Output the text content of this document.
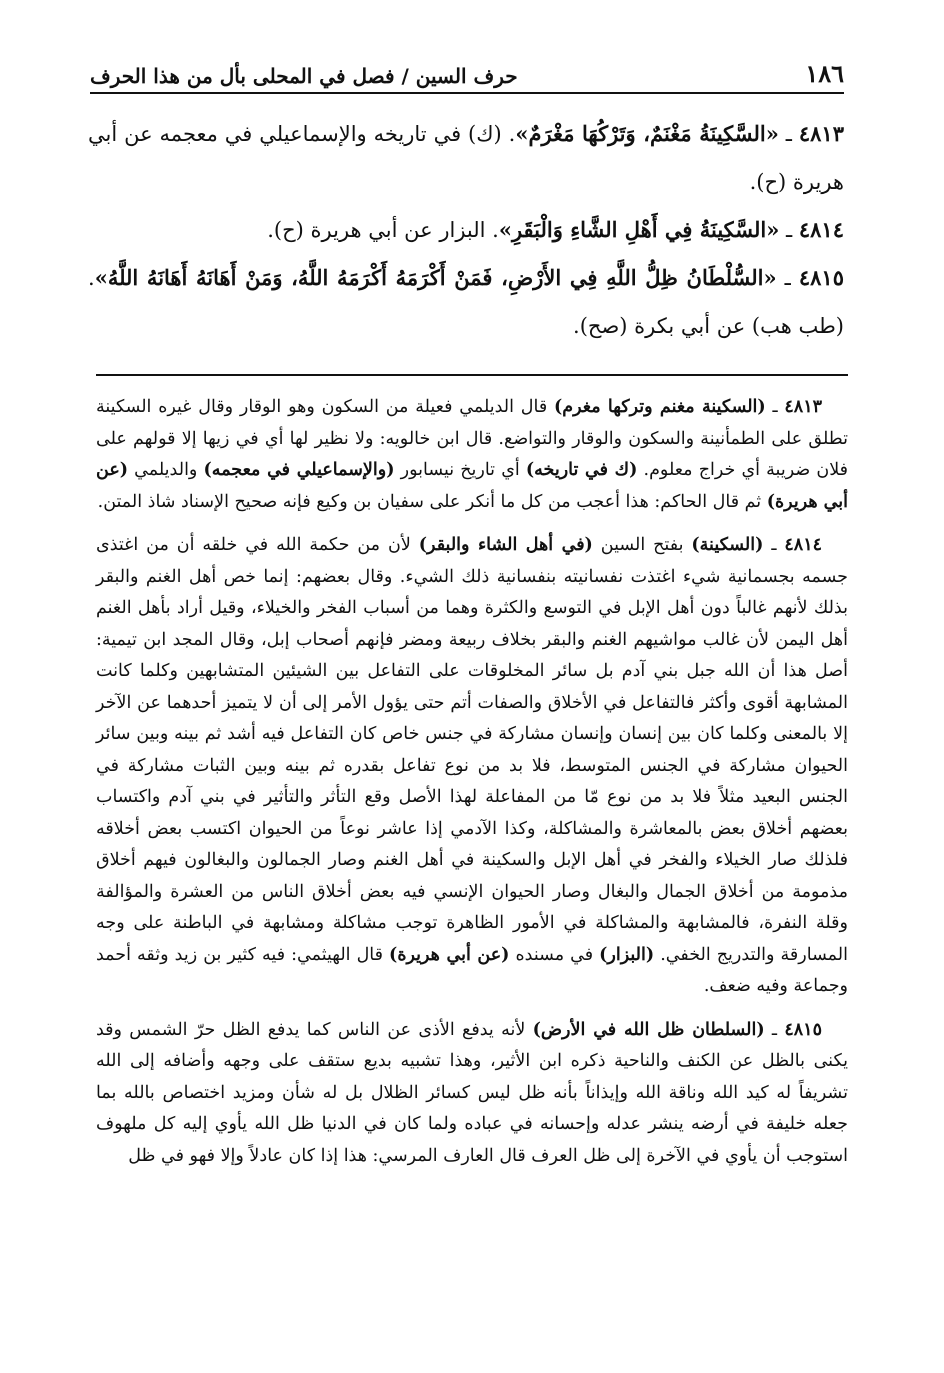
١٨٦
حرف السين / فصل في المحلى بأل من هذا الحرف

٤٨١٣ ـ «السَّكِينَةُ مَغْنَمٌ، وَتَرْكُهَا مَغْرَمٌ». (ك) في تاريخه والإسماعيلي في معجمه عن أبي هريرة (ح).

٤٨١٤ ـ «السَّكِينَةُ فِي أَهْلِ الشَّاءِ وَالْبَقَرِ». البزار عن أبي هريرة (ح).

٤٨١٥ ـ «السُّلْطَانُ ظِلُّ اللَّهِ فِي الأَرْضِ، فَمَنْ أَكْرَمَهُ أَكْرَمَهُ اللَّهُ، وَمَنْ أَهَانَهُ أَهَانَهُ اللَّهُ». (طب هب) عن أبي بكرة (صح).

٤٨١٣ ـ (السكينة مغنم وتركها مغرم) قال الديلمي فعيلة من السكون وهو الوقار وقال غيره السكينة تطلق على الطمأنينة والسكون والوقار والتواضع. قال ابن خالويه: ولا نظير لها أي في زيها إلا قولهم على فلان ضريبة أي خراج معلوم. (ك في تاريخه) أي تاريخ نيسابور (والإسماعيلي في معجمه) والديلمي (عن أبي هريرة) ثم قال الحاكم: هذا أعجب من كل ما أنكر على سفيان بن وكيع فإنه صحيح الإسناد شاذ المتن.

٤٨١٤ ـ (السكينة) بفتح السين (في أهل الشاء والبقر) لأن من حكمة الله في خلقه أن من اغتذى جسمه بجسمانية شيء اغتذت نفسانيته بنفسانية ذلك الشيء. وقال بعضهم: إنما خص أهل الغنم والبقر بذلك لأنهم غالباً دون أهل الإبل في التوسع والكثرة وهما من أسباب الفخر والخيلاء، وقيل أراد بأهل الغنم أهل اليمن لأن غالب مواشيهم الغنم والبقر بخلاف ربيعة ومضر فإنهم أصحاب إبل، وقال المجد ابن تيمية: أصل هذا أن الله جبل بني آدم بل سائر المخلوقات على التفاعل بين الشيئين المتشابهين وكلما كانت المشابهة أقوى وأكثر فالتفاعل في الأخلاق والصفات أتم حتى يؤول الأمر إلى أن لا يتميز أحدهما عن الآخر إلا بالمعنى وكلما كان بين إنسان وإنسان مشاركة في جنس خاص كان التفاعل فيه أشد ثم بينه وبين سائر الحيوان مشاركة في الجنس المتوسط، فلا بد من نوع تفاعل بقدره ثم بينه وبين الثبات مشاركة في الجنس البعيد مثلاً فلا بد من نوع مّا من المفاعلة لهذا الأصل وقع التأثر والتأثير في بني آدم واكتساب بعضهم أخلاق بعض بالمعاشرة والمشاكلة، وكذا الآدمي إذا عاشر نوعاً من الحيوان اكتسب بعض أخلاقه فلذلك صار الخيلاء والفخر في أهل الإبل والسكينة في أهل الغنم وصار الجمالون والبغالون فيهم أخلاق مذمومة من أخلاق الجمال والبغال وصار الحيوان الإنسي فيه بعض أخلاق الناس من العشرة والمؤالفة وقلة النفرة، فالمشابهة والمشاكلة في الأمور الظاهرة توجب مشاكلة ومشابهة في الباطنة على وجه المسارقة والتدريج الخفي. (البزار) في مسنده (عن أبي هريرة) قال الهيثمي: فيه كثير بن زيد وثقه أحمد وجماعة وفيه ضعف.

٤٨١٥ ـ (السلطان ظل الله في الأرض) لأنه يدفع الأذى عن الناس كما يدفع الظل حرّ الشمس وقد يكنى بالظل عن الكنف والناحية ذكره ابن الأثير، وهذا تشبيه بديع ستقف على وجهه وأضافه إلى الله تشريفاً له كيد الله وناقة الله وإيذاناً بأنه ظل ليس كسائر الظلال بل له شأن ومزيد اختصاص بالله بما جعله خليفة في أرضه ينشر عدله وإحسانه في عباده ولما كان في الدنيا ظل الله يأوي إليه كل ملهوف استوجب أن يأوي في الآخرة إلى ظل العرف قال العارف المرسي: هذا إذا كان عادلاً وإلا فهو في ظل
